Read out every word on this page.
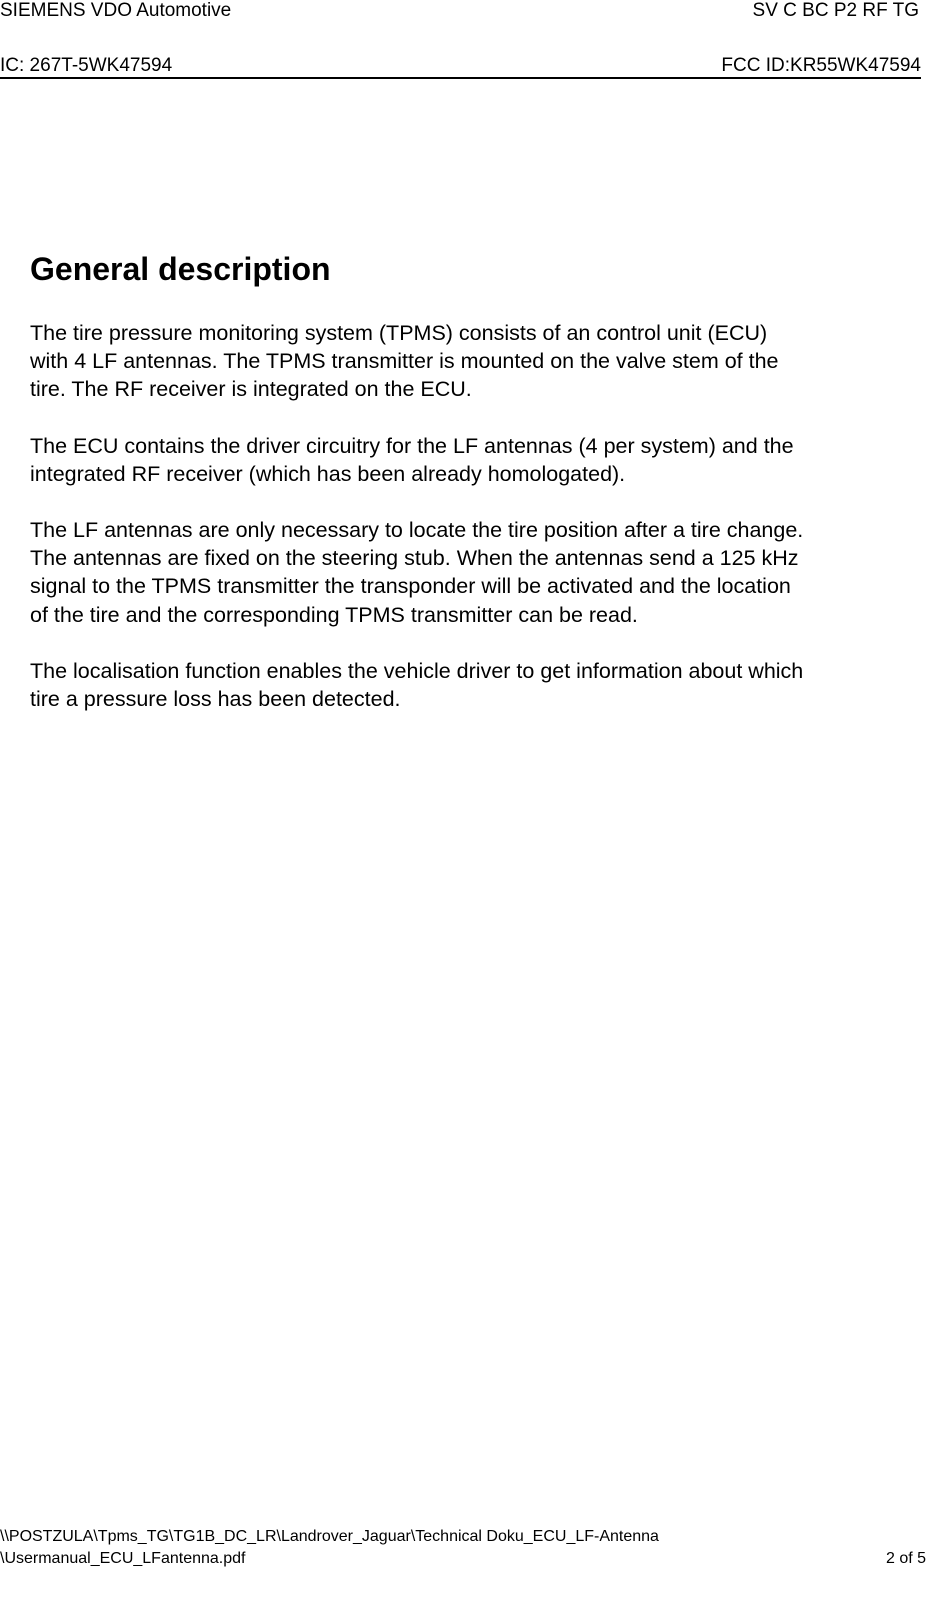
SIEMENS VDO Automotive	SV C BC P2 RF TG
IC: 267T-5WK47594	FCC ID:KR55WK47594
General description

The tire pressure monitoring system (TPMS) consists of an control unit (ECU)
with 4 LF antennas. The TPMS transmitter is mounted on the valve stem of the
tire. The RF receiver is integrated on the ECU.

The ECU contains the driver circuitry for the LF antennas (4 per system) and the
integrated RF receiver (which has been already homologated).

The LF antennas are only necessary to locate the tire position after a tire change.
The antennas are fixed on the steering stub. When the antennas send a 125 kHz
signal to the TPMS transmitter the transponder will be activated and the location
of the tire and the corresponding TPMS transmitter can be read.

The localisation function enables the vehicle driver to get information about which
tire a pressure loss has been detected.

\\POSTZULA\Tpms_TG\TG1B_DC_LR\Landrover_Jaguar\Technical Doku_ECU_LF-Antenna
\Usermanual_ECU_LFantenna.pdf	2 of 5
